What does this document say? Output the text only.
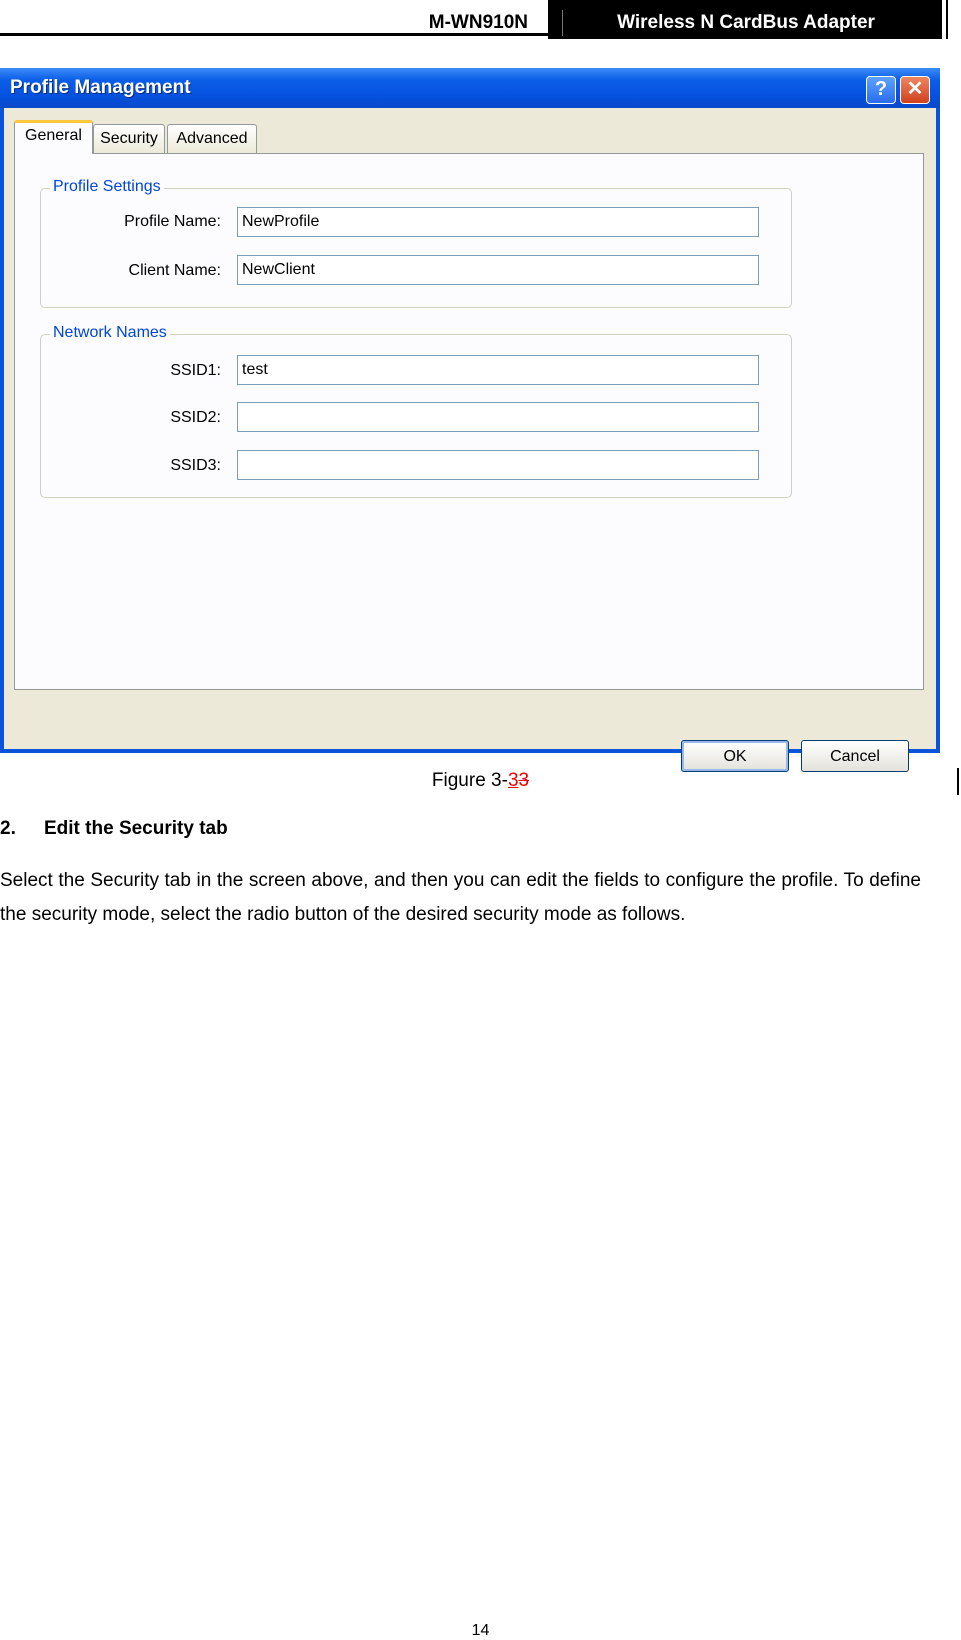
M-WN910N	Wireless N CardBus Adapter
Profile Management	? ✕
General	Security	Advanced
Profile Settings
Profile Name:
NewProfile
Client Name:
NewClient
Network Names
SSID1:
test
SSID2:
SSID3:
OK	Cancel
Figure 3-33
2. Edit the Security tab
Select the Security tab in the screen above, and then you can edit the fields to configure the profile. To define the security mode, select the radio button of the desired security mode as follows.
14
